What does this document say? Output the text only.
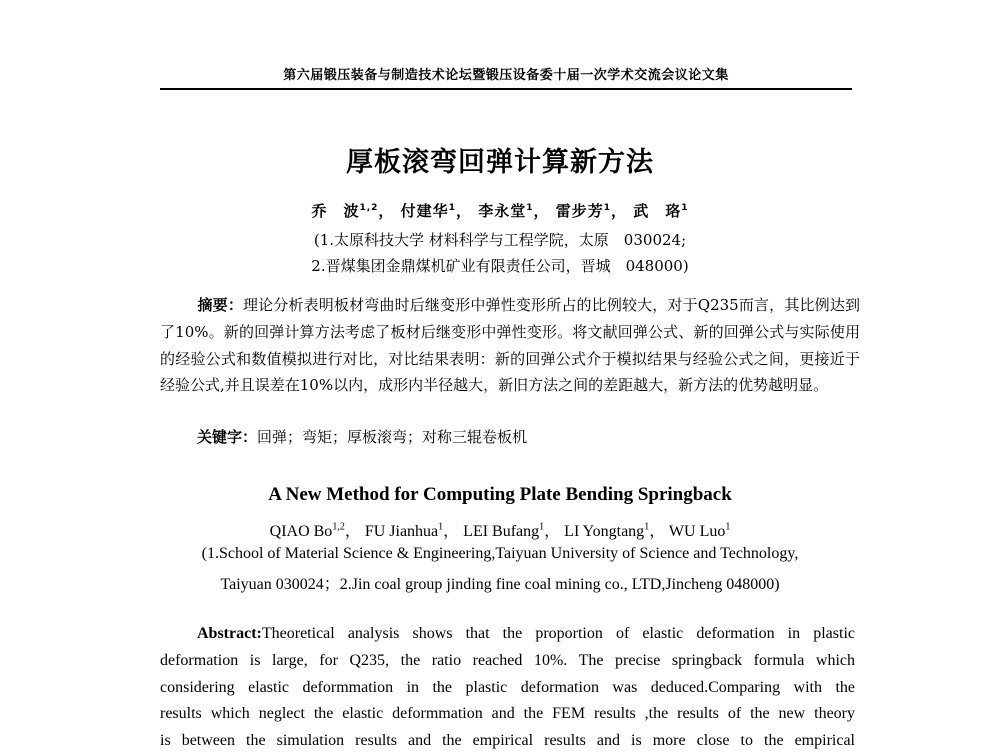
第六届锻压装备与制造技术论坛暨锻压设备委十届一次学术交流会议论文集
厚板滚弯回弹计算新方法
乔　波$^{1,2}$， 付建华$^1$， 李永堂$^1$， 雷步芳$^1$， 武　珞$^1$
(1.太原科技大学 材料科学与工程学院，太原　030024;
2.晋煤集团金鼎煤机矿业有限责任公司，晋城　048000)
摘要：理论分析表明板材弯曲时后继变形中弹性变形所占的比例较大，对于Q235而言，其比例达到了10%。新的回弹计算方法考虑了板材后继变形中弹性变形。将文献回弹公式、新的回弹公式与实际使用的经验公式和数值模拟进行对比，对比结果表明：新的回弹公式介于模拟结果与经验公式之间，更接近于经验公式,并且误差在10%以内，成形内半径越大，新旧方法之间的差距越大，新方法的优势越明显。
关键字：回弹；弯矩；厚板滚弯；对称三辊卷板机
A New Method for Computing Plate Bending Springback
QIAO Bo$^{1,2}$， FU Jianhua$^1$， LEI Bufang$^1$， LI Yongtang$^1$， WU Luo$^1$
(1.School of Material Science & Engineering,Taiyuan University of Science and Technology,
Taiyuan 030024；2.Jin coal group jinding fine coal mining co., LTD,Jincheng 048000)
Abstract:Theoretical analysis shows that the proportion of elastic deformation in plastic
deformation is large, for Q235, the ratio reached 10%. The precise springback formula which
considering elastic deformmation in the plastic deformation was deduced.Comparing with the
results which neglect the elastic deformmation and the FEM results ,the results of the new theory
is between the simulation results and the empirical results and is more close to the empirical
